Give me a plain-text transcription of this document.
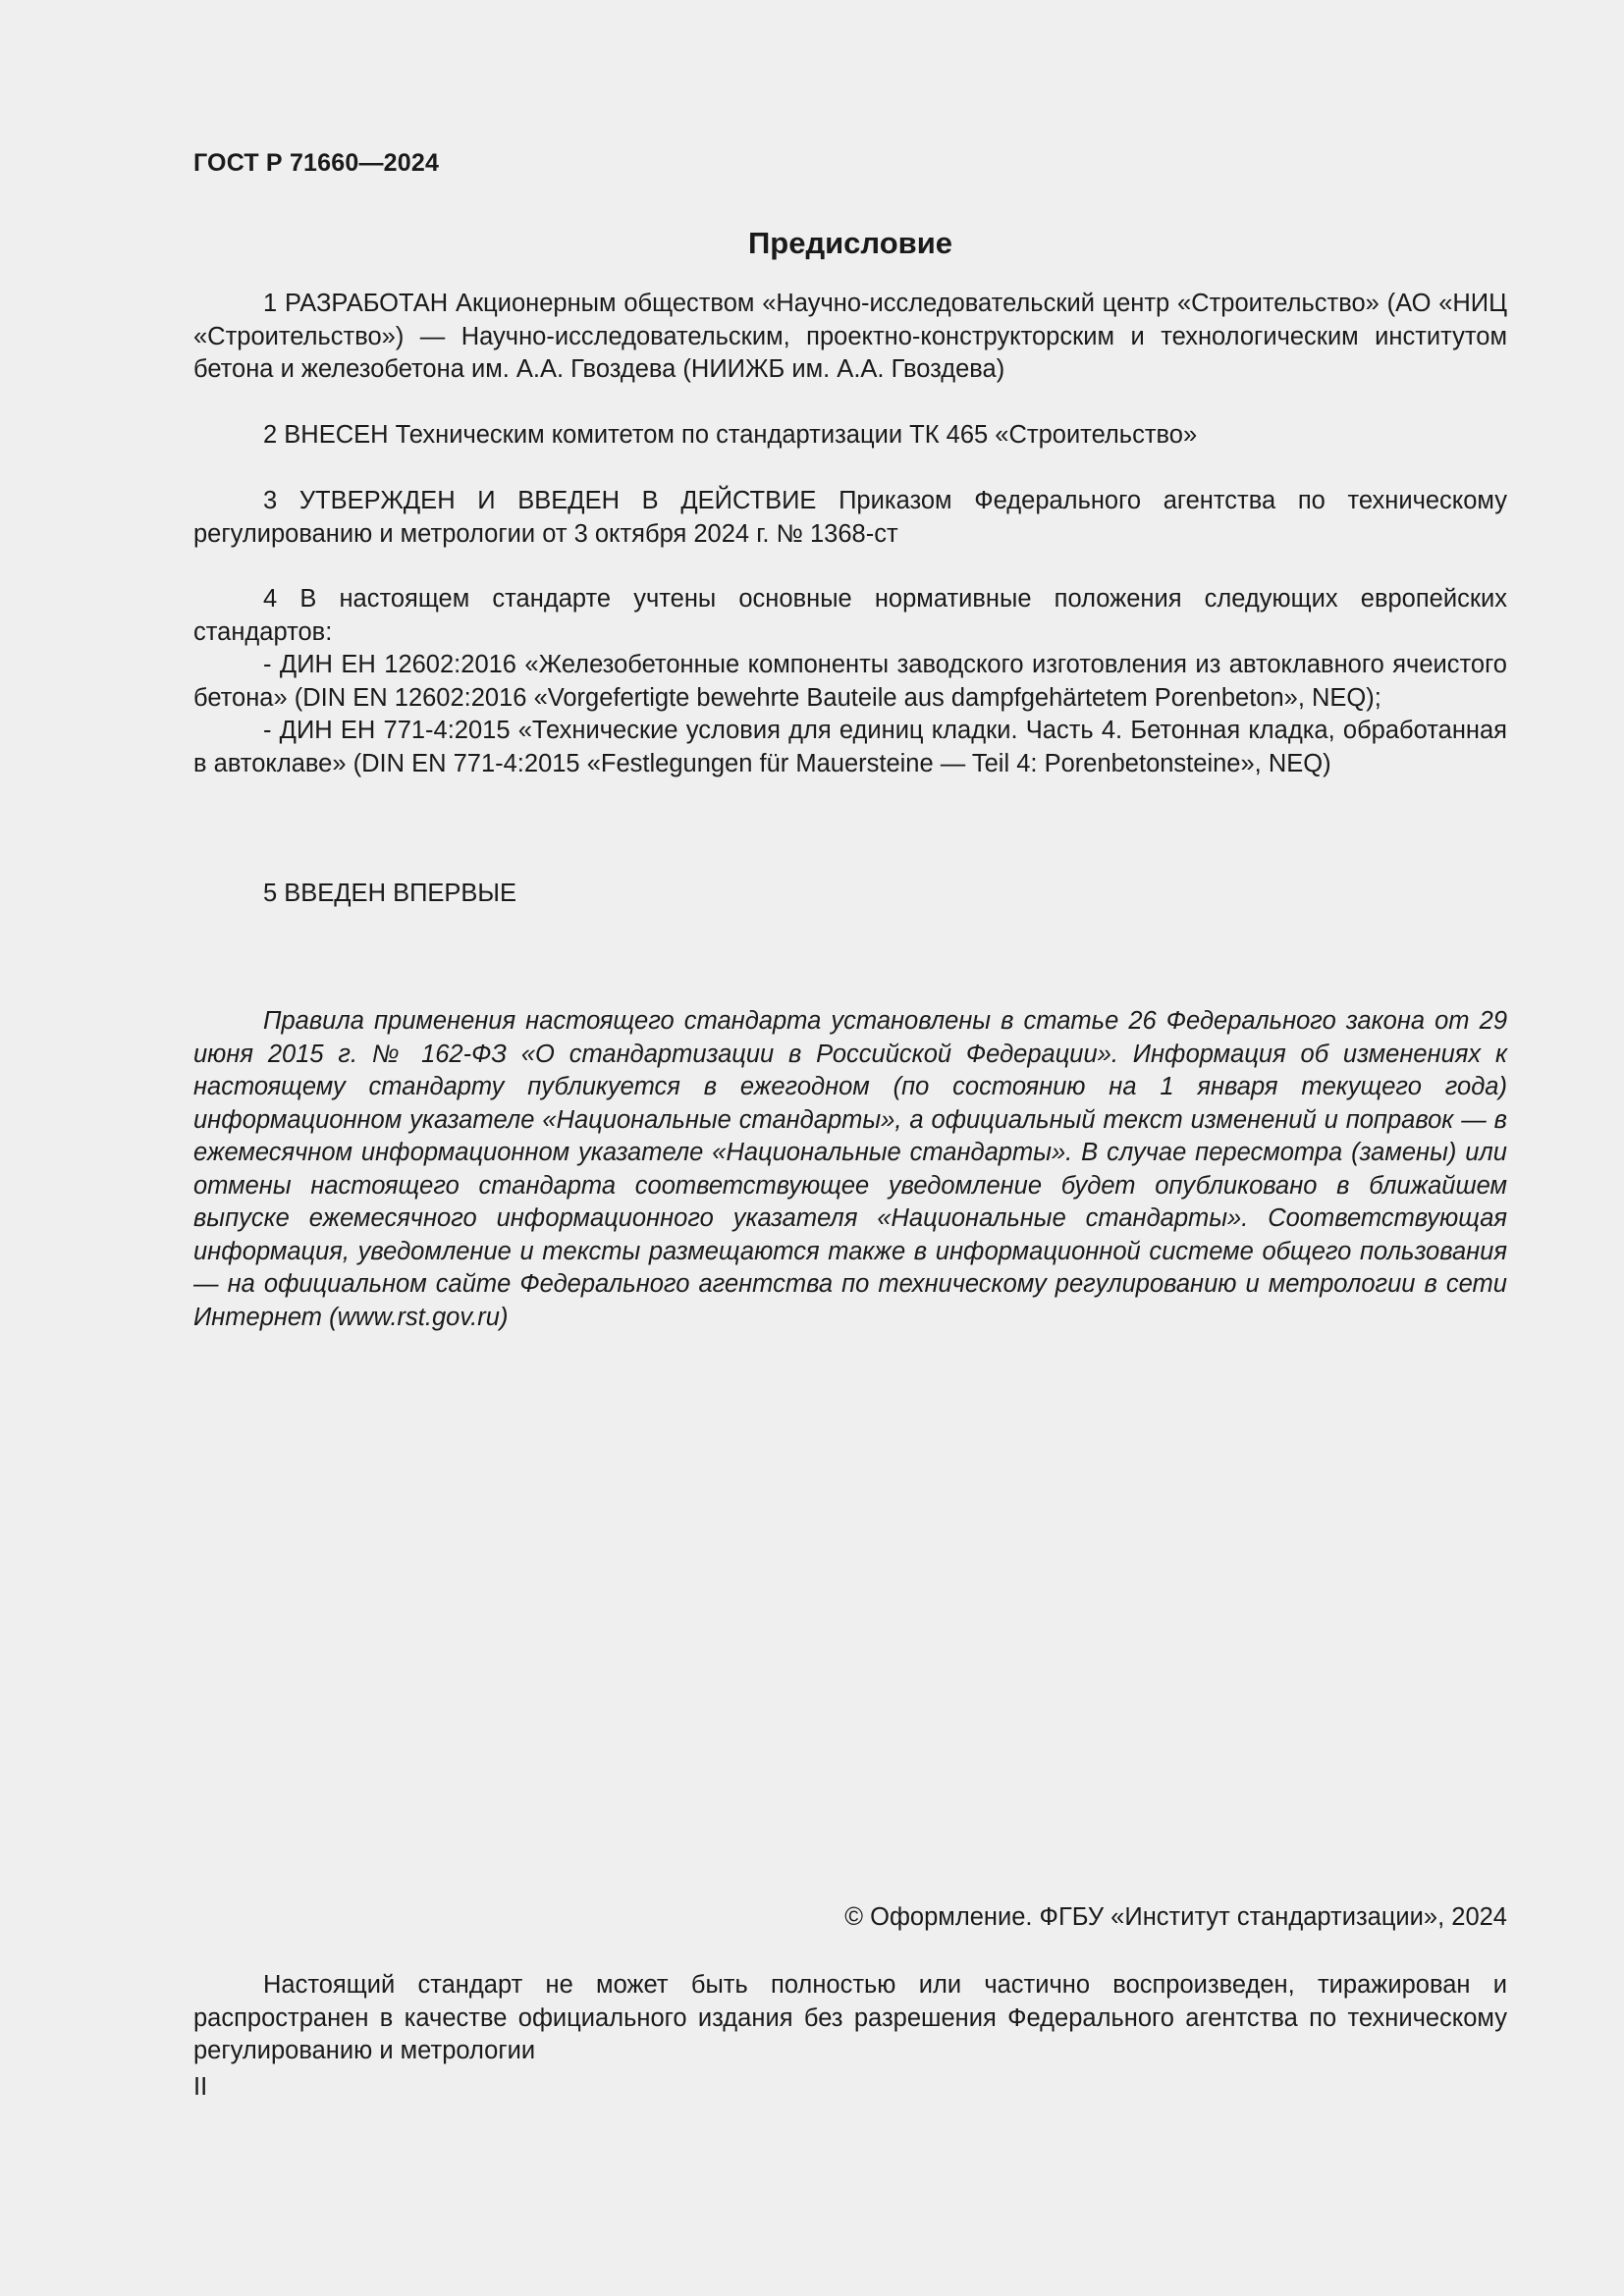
ГОСТ Р 71660—2024
Предисловие

1 РАЗРАБОТАН Акционерным обществом «Научно-исследовательский центр «Строительство» (АО «НИЦ «Строительство») — Научно-исследовательским, проектно-конструкторским и технологическим институтом бетона и железобетона им. А.А. Гвоздева (НИИЖБ им. А.А. Гвоздева)

2 ВНЕСЕН Техническим комитетом по стандартизации ТК 465 «Строительство»

3 УТВЕРЖДЕН И ВВЕДЕН В ДЕЙСТВИЕ Приказом Федерального агентства по техническому регулированию и метрологии от 3 октября 2024 г. № 1368-ст

4 В настоящем стандарте учтены основные нормативные положения следующих европейских стандартов:

- ДИН ЕН 12602:2016 «Железобетонные компоненты заводского изготовления из автоклавного ячеистого бетона» (DIN EN 12602:2016 «Vorgefertigte bewehrte Bauteile aus dampfgehärtetem Porenbeton», NEQ);

- ДИН ЕН 771-4:2015 «Технические условия для единиц кладки. Часть 4. Бетонная кладка, обработанная в автоклаве» (DIN EN 771-4:2015 «Festlegungen für Mauersteine — Teil 4: Porenbetonsteine», NEQ)

5 ВВЕДЕН ВПЕРВЫЕ

Правила применения настоящего стандарта установлены в статье 26 Федерального закона от 29 июня 2015 г. № 162-ФЗ «О стандартизации в Российской Федерации». Информация об изменениях к настоящему стандарту публикуется в ежегодном (по состоянию на 1 января текущего года) информационном указателе «Национальные стандарты», а официальный текст изменений и поправок — в ежемесячном информационном указателе «Национальные стандарты». В случае пересмотра (замены) или отмены настоящего стандарта соответствующее уведомление будет опубликовано в ближайшем выпуске ежемесячного информационного указателя «Национальные стандарты». Соответствующая информация, уведомление и тексты размещаются также в информационной системе общего пользования — на официальном сайте Федерального агентства по техническому регулированию и метрологии в сети Интернет (www.rst.gov.ru)

© Оформление. ФГБУ «Институт стандартизации», 2024

Настоящий стандарт не может быть полностью или частично воспроизведен, тиражирован и распространен в качестве официального издания без разрешения Федерального агентства по техническому регулированию и метрологии

II
